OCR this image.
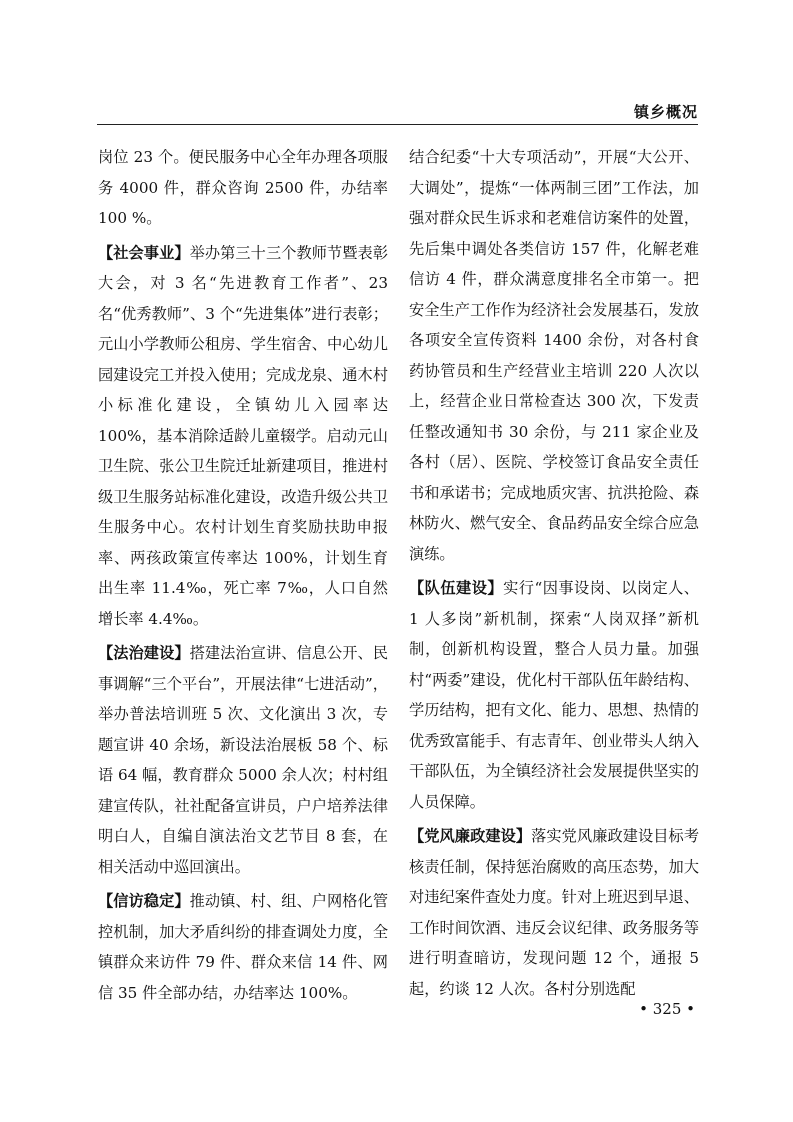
镇乡概况

岗位 23 个。便民服务中心全年办理各项服务 4000 件，群众咨询 2500 件，办结率 100 %。

【社会事业】举办第三十三个教师节暨表彰大会，对 3 名“先进教育工作者”、23 名“优秀教师”、3 个“先进集体”进行表彰；元山小学教师公租房、学生宿舍、中心幼儿园建设完工并投入使用；完成龙泉、通木村小标准化建设，全镇幼儿入园率达 100%，基本消除适龄儿童辍学。启动元山卫生院、张公卫生院迁址新建项目，推进村级卫生服务站标准化建设，改造升级公共卫生服务中心。农村计划生育奖励扶助申报率、两孩政策宣传率达 100%，计划生育出生率 11.4‰，死亡率 7‰，人口自然增长率 4.4‰。

【法治建设】搭建法治宣讲、信息公开、民事调解“三个平台”，开展法律“七进活动”，举办普法培训班 5 次、文化演出 3 次，专题宣讲 40 余场，新设法治展板 58 个、标语 64 幅，教育群众 5000 余人次；村村组建宣传队，社社配备宣讲员，户户培养法律明白人，自编自演法治文艺节目 8 套，在相关活动中巡回演出。

【信访稳定】推动镇、村、组、户网格化管控机制，加大矛盾纠纷的排查调处力度，全镇群众来访件 79 件、群众来信 14 件、网信 35 件全部办结，办结率达 100%。

结合纪委“十大专项活动”，开展“大公开、大调处”，提炼“一体两制三团”工作法，加强对群众民生诉求和老难信访案件的处置，先后集中调处各类信访 157 件，化解老难信访 4 件，群众满意度排名全市第一。把安全生产工作作为经济社会发展基石，发放各项安全宣传资料 1400 余份，对各村食药协管员和生产经营业主培训 220 人次以上，经营企业日常检查达 300 次，下发责任整改通知书 30 余份，与 211 家企业及各村（居）、医院、学校签订食品安全责任书和承诺书；完成地质灾害、抗洪抢险、森林防火、燃气安全、食品药品安全综合应急演练。

【队伍建设】实行“因事设岗、以岗定人、1 人多岗”新机制，探索“人岗双择”新机制，创新机构设置，整合人员力量。加强村“两委”建设，优化村干部队伍年龄结构、学历结构，把有文化、能力、思想、热情的优秀致富能手、有志青年、创业带头人纳入干部队伍，为全镇经济社会发展提供坚实的人员保障。

【党风廉政建设】落实党风廉政建设目标考核责任制，保持惩治腐败的高压态势，加大对违纪案件查处力度。针对上班迟到早退、工作时间饮酒、违反会议纪律、政务服务等进行明查暗访，发现问题 12 个，通报 5 起，约谈 12 人次。各村分别选配

• 325 •
